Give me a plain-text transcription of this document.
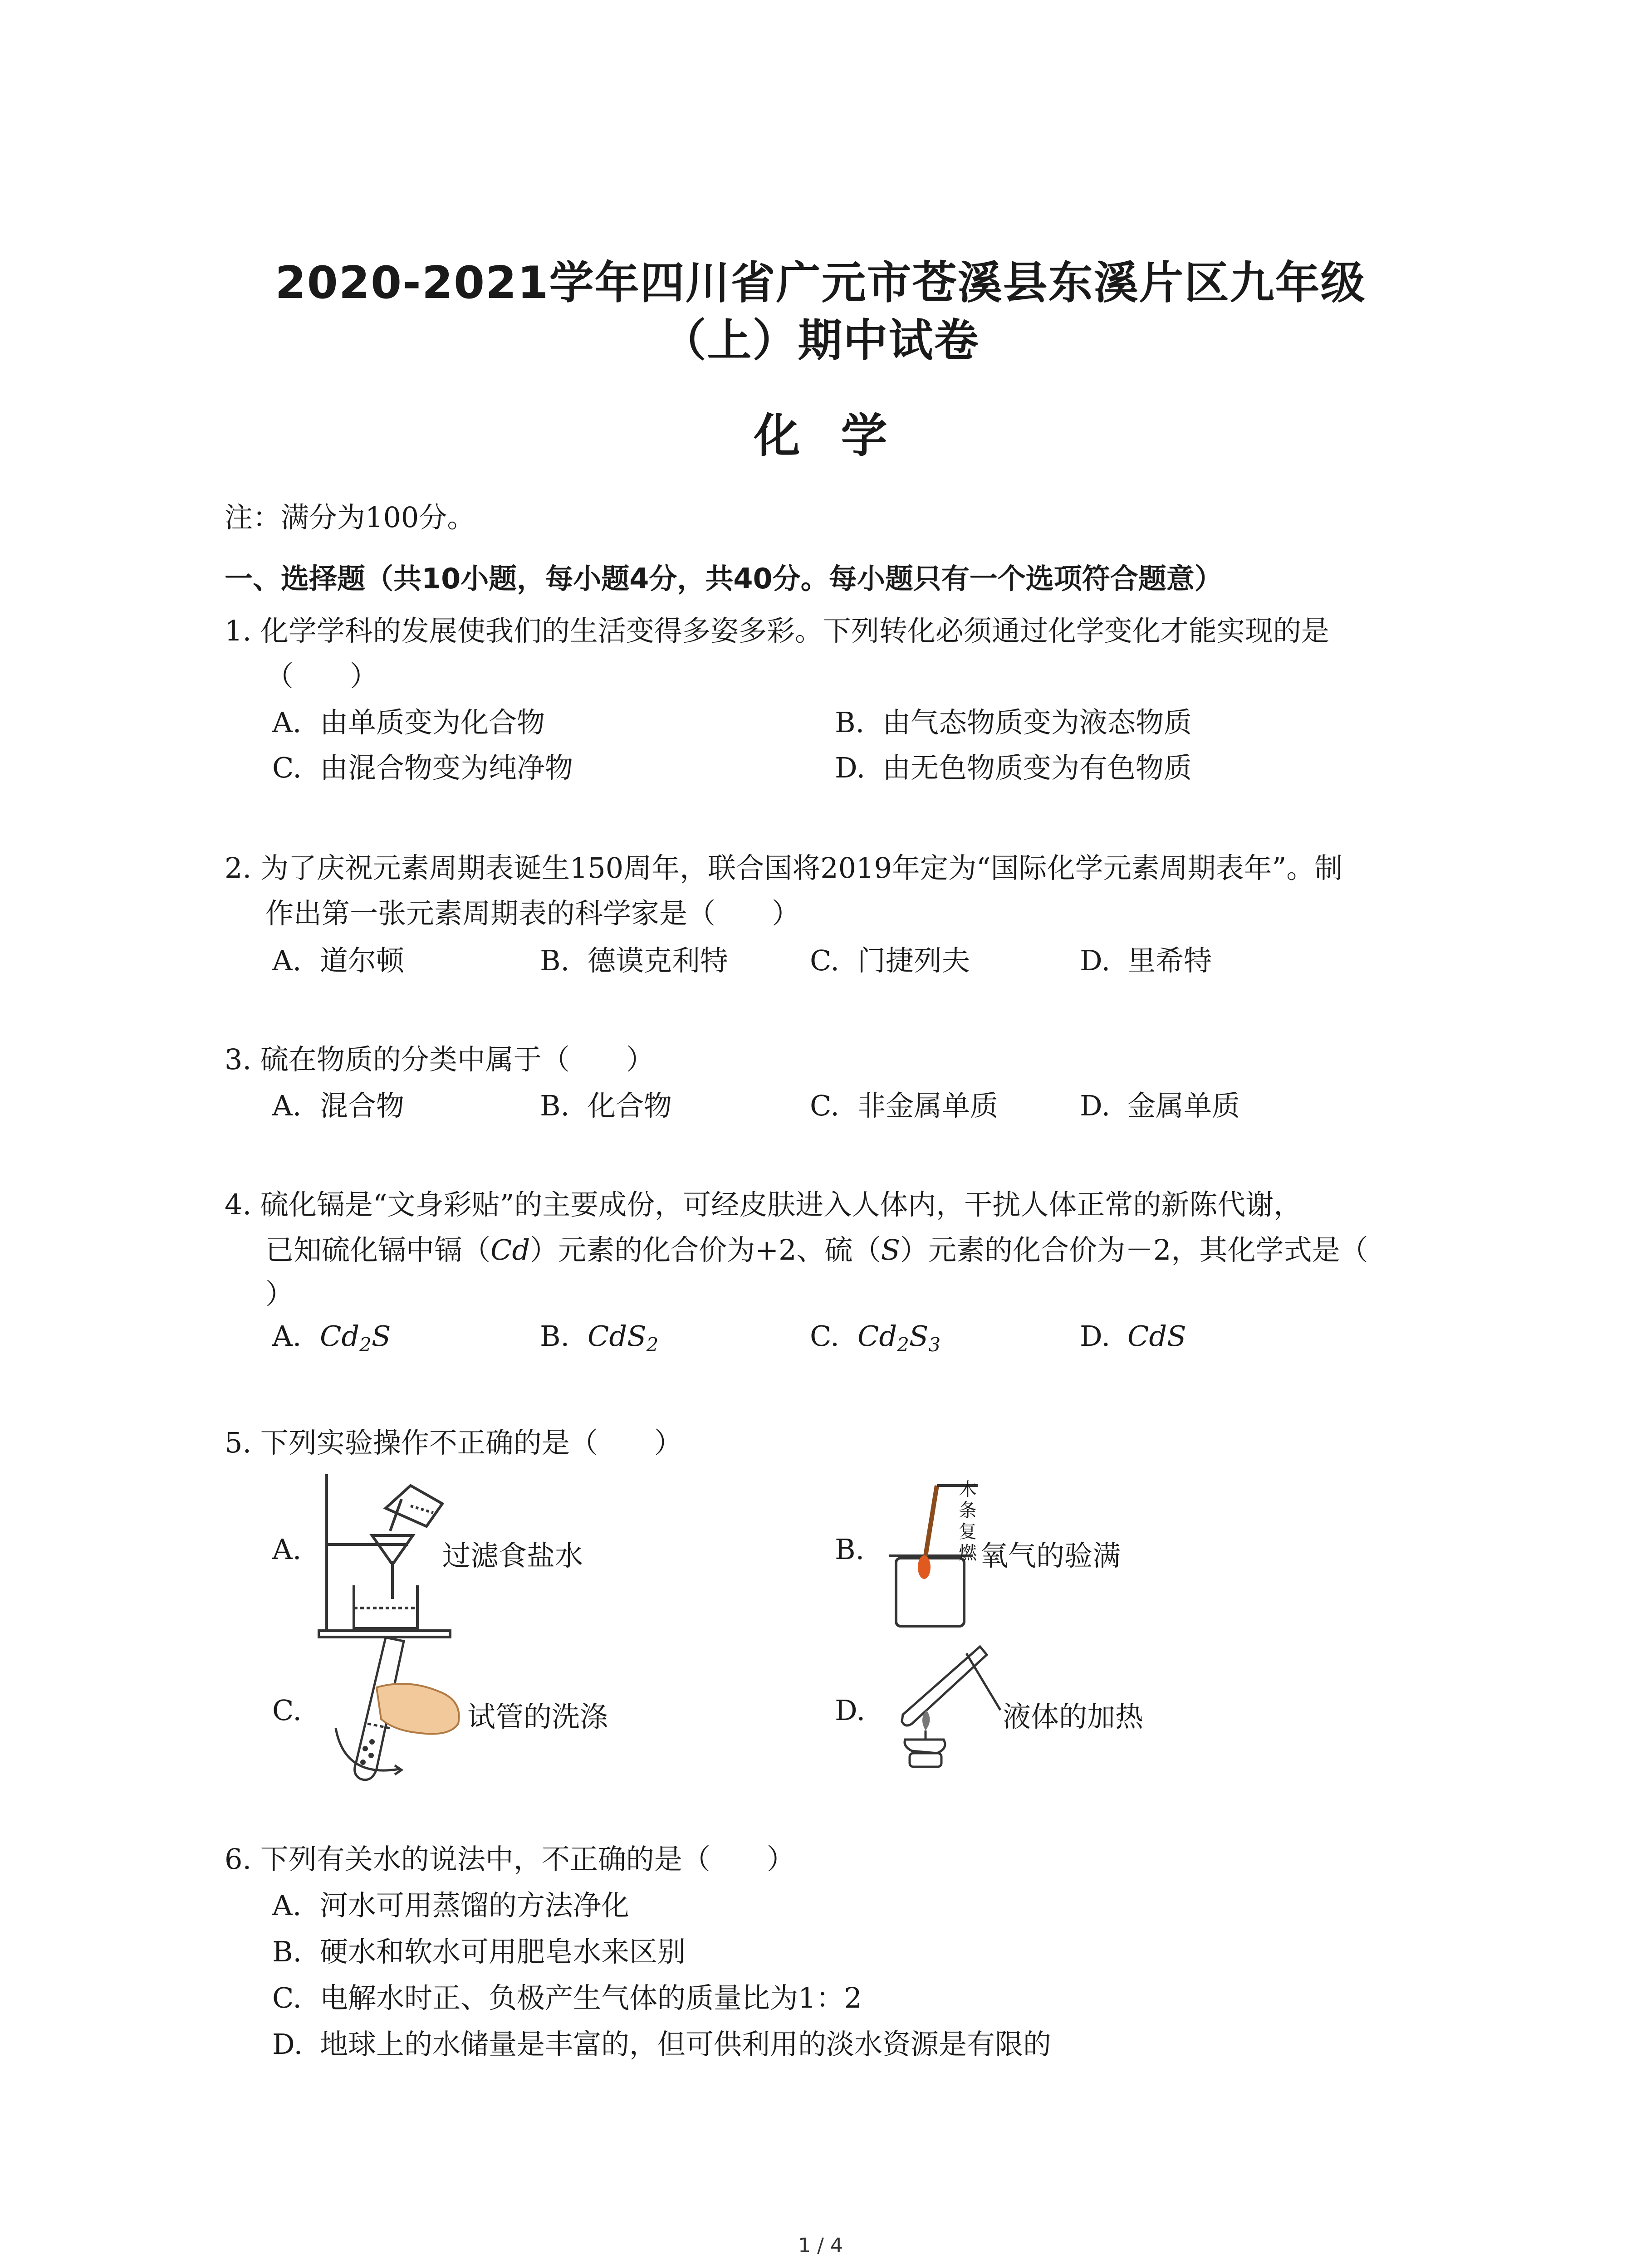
2020-2021学年四川省广元市苍溪县东溪片区九年级
（上）期中试卷
化学
注：满分为100分。
一、选择题（共10小题，每小题4分，共40分。每小题只有一个选项符合题意）
1. 化学学科的发展使我们的生活变得多姿多彩。下列转化必须通过化学变化才能实现的是
（　　）
A. 由单质变为化合物	B. 由气态物质变为液态物质
C. 由混合物变为纯净物	D. 由无色物质变为有色物质
2. 为了庆祝元素周期表诞生150周年，联合国将2019年定为“国际化学元素周期表年”。制
作出第一张元素周期表的科学家是（　　）
A. 道尔顿	B. 德谟克利特	C. 门捷列夫	D. 里希特
3. 硫在物质的分类中属于（　　）
A. 混合物	B. 化合物	C. 非金属单质	D. 金属单质
4. 硫化镉是“文身彩贴”的主要成份，可经皮肤进入人体内，干扰人体正常的新陈代谢，
已知硫化镉中镉（Cd）元素的化合价为+2、硫（S）元素的化合价为－2，其化学式是（
）
A. $Cd_2S$	B. CdS$_2$	C. $Cd_2S_3$	D. CdS
5. 下列实验操作不正确的是（　　）
A.	过滤食盐水	B.
木
条
复
燃 氧气的验满
C.	试管的洗涤	D.	液体的加热
6. 下列有关水的说法中，不正确的是（　　）
A. 河水可用蒸馏的方法净化
B. 硬水和软水可用肥皂水来区别
C. 电解水时正、负极产生气体的质量比为1：2
D. 地球上的水储量是丰富的，但可供利用的淡水资源是有限的
1 / 4
